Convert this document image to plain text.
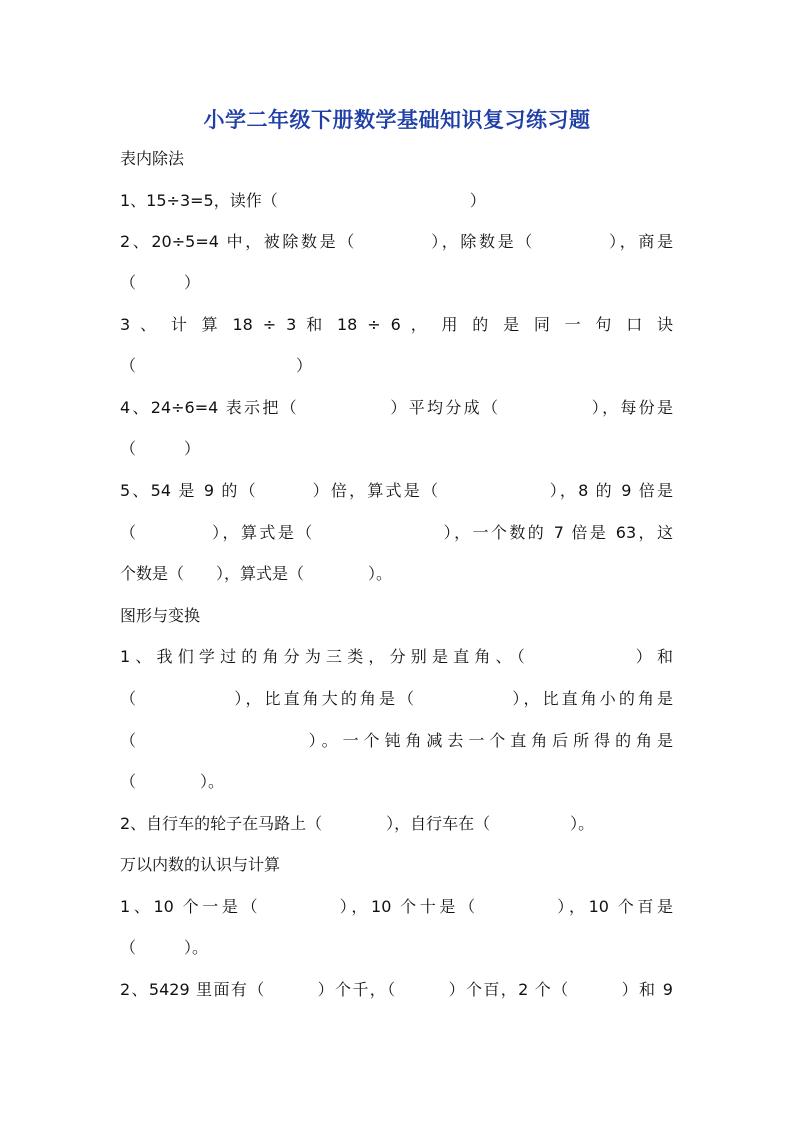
小学二年级下册数学基础知识复习练习题
表内除法
1、15÷3=5，读作（　　　　　　　　　　　　）
2、20÷5=4 中，被除数是（　　　　），除数是（　　　　），商是
（　　　）
3 、 计 算 18 ÷ 3 和 18 ÷ 6 ， 用 的 是 同 一 句 口 诀
（　　　　　　　　　　）
4、24÷6=4 表示把（　　　　　）平均分成（　　　　　），每份是
（　　　）
5、54 是 9 的（　　　）倍，算式是（　　　　　　），8 的 9 倍是
（　　　　），算式是（　　　　　　　），一个数的 7 倍是 63，这
个数是（　　），算式是（　　　　）。
图形与变换
1、我们学过的角分为三类，分别是直角、（　　　　　）和
（　　　　　），比直角大的角是（　　　　　），比直角小的角是
（　　　　　　　　）。一个钝角减去一个直角后所得的角是
（　　　　）。
2、自行车的轮子在马路上（　　　　），自行车在（　　　　　）。
万以内数的认识与计算
1、10 个一是（　　　　），10 个十是（　　　　），10 个百是
（　　　）。
2、5429 里面有（　　　）个千，（　　　）个百，2 个（　　　）和 9
